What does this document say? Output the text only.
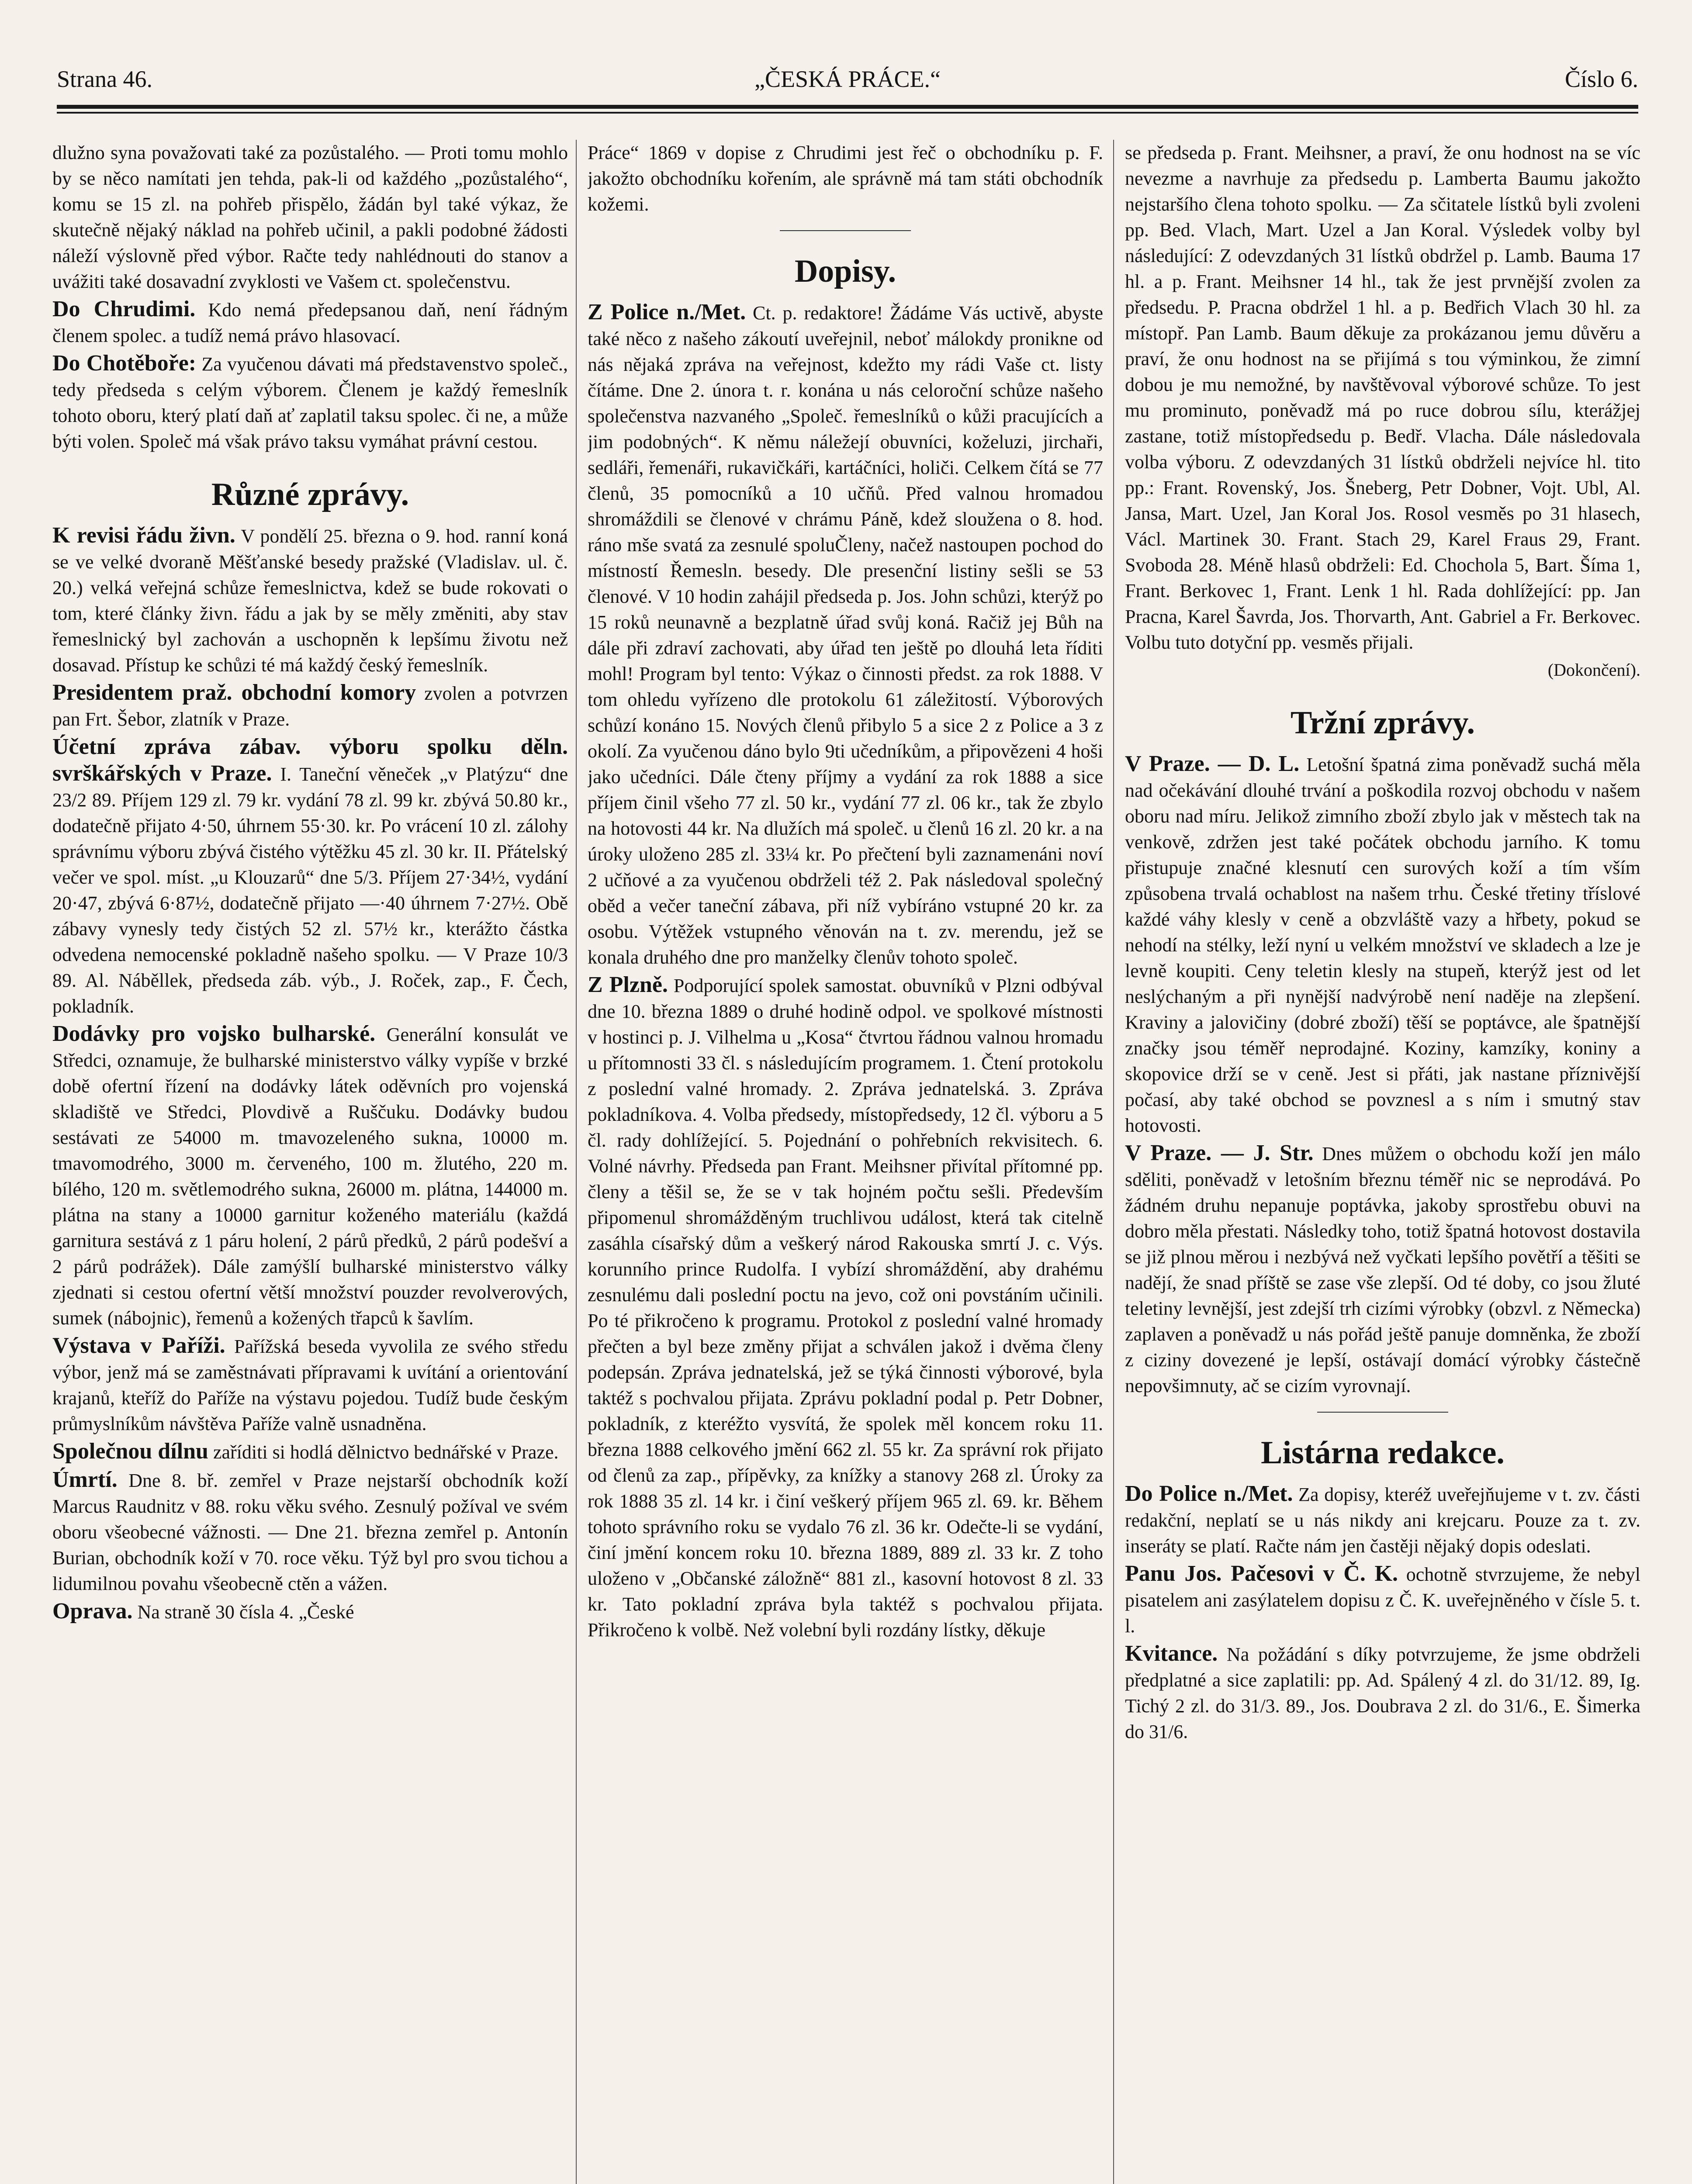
Strana 46.	„ČESKÁ PRÁCE.“	Číslo 6.

dlužno syna považovati také za pozůstalého. — Proti tomu mohlo by se něco namítati jen tehda, pak-li od každého „pozůstalého“, komu se 15 zl. na pohřeb přispělo, žádán byl také výkaz, že skutečně nějaký náklad na pohřeb učinil, a pakli podobné žádosti náleží výslovně před výbor. Račte tedy nahlédnouti do stanov a uvážiti také dosavadní zvyklosti ve Vašem ct. společenstvu.

Do Chrudimi. Kdo nemá předepsanou daň, není řádným členem spolec. a tudíž nemá právo hlasovací.

Do Chotěboře: Za vyučenou dávati má představenstvo společ., tedy předseda s celým výborem. Členem je každý řemeslník tohoto oboru, který platí daň ať zaplatil taksu spolec. či ne, a může býti volen. Společ má však právo taksu vymáhat právní cestou.

Různé zprávy.

K revisi řádu živn. V pondělí 25. března o 9. hod. ranní koná se ve velké dvoraně Měšťanské besedy pražské (Vladislav. ul. č. 20.) velká veřejná schůze řemeslnictva, kdež se bude rokovati o tom, které články živn. řádu a jak by se měly změniti, aby stav řemeslnický byl zachován a uschopněn k lepšímu životu než dosavad. Přístup ke schůzi té má každý český řemeslník.

Presidentem praž. obchodní komory zvolen a potvrzen pan Frt. Šebor, zlatník v Praze.

Účetní zpráva zábav. výboru spolku děln. svrškářských v Praze. I. Taneční věneček „v Platýzu“ dne 23/2 89. Příjem 129 zl. 79 kr. vydání 78 zl. 99 kr. zbývá 50.80 kr., dodatečně přijato 4·50, úhrnem 55·30. kr. Po vrácení 10 zl. zálohy správnímu výboru zbývá čistého výtěžku 45 zl. 30 kr. II. Přátelský večer ve spol. míst. „u Klouzarů“ dne 5/3. Příjem 27·34½, vydání 20·47, zbývá 6·87½, dodatečně přijato —·40 úhrnem 7·27½. Obě zábavy vynesly tedy čistých 52 zl. 57½ kr., kterážto částka odvedena nemocenské pokladně našeho spolku. — V Praze 10/3 89. Al. Náběllek, předseda záb. výb., J. Roček, zap., F. Čech, pokladník.

Dodávky pro vojsko bulharské. Generální konsulát ve Středci, oznamuje, že bulharské ministerstvo války vypíše v brzké době ofertní řízení na dodávky látek oděvních pro vojenská skladiště ve Středci, Plovdivě a Ruščuku. Dodávky budou sestávati ze 54000 m. tmavozeleného sukna, 10000 m. tmavomodrého, 3000 m. červeného, 100 m. žlutého, 220 m. bílého, 120 m. světlemodrého sukna, 26000 m. plátna, 144000 m. plátna na stany a 10000 garnitur koženého materiálu (každá garnitura sestává z 1 páru holení, 2 párů předků, 2 párů podešví a 2 párů podrážek). Dále zamýšlí bulharské ministerstvo války zjednati si cestou ofertní větší množství pouzder revolverových, sumek (nábojnic), řemenů a kožených třapců k šavlím.

Výstava v Paříži. Pařížská beseda vyvolila ze svého středu výbor, jenž má se zaměstnávati přípravami k uvítání a orientování krajanů, kteříž do Paříže na výstavu pojedou. Tudíž bude českým průmyslníkům návštěva Paříže valně usnadněna.

Společnou dílnu zaříditi si hodlá dělnictvo bednářské v Praze.

Úmrtí. Dne 8. bř. zemřel v Praze nejstarší obchodník koží Marcus Raudnitz v 88. roku věku svého. Zesnulý požíval ve svém oboru všeobecné vážnosti. — Dne 21. března zemřel p. Antonín Burian, obchodník koží v 70. roce věku. Týž byl pro svou tichou a lidumilnou povahu všeobecně ctěn a vážen.

Oprava. Na straně 30 čísla 4. „České

Práce“ 1869 v dopise z Chrudimi jest řeč o obchodníku p. F. jakožto obchodníku kořením, ale správně má tam státi obchodník kožemi.

Dopisy.

Z Police n./Met. Ct. p. redaktore! Žádáme Vás uctivě, abyste také něco z našeho zákoutí uveřejnil, neboť málokdy pronikne od nás nějaká zpráva na veřejnost, kdežto my rádi Vaše ct. listy čítáme. Dne 2. února t. r. konána u nás celoroční schůze našeho společenstva nazvaného „Společ. řemeslníků o kůži pracujících a jim podobných“. K němu náležejí obuvníci, koželuzi, jirchaři, sedláři, řemenáři, rukavičkáři, kartáčníci, holiči. Celkem čítá se 77 členů, 35 pomocníků a 10 učňů. Před valnou hromadou shromáždili se členové v chrámu Páně, kdež sloužena o 8. hod. ráno mše svatá za zesnulé spoluČleny, načež nastoupen pochod do místností Řemesln. besedy. Dle presenční listiny sešli se 53 členové. V 10 hodin zahájil předseda p. Jos. John schůzi, kterýž po 15 roků neunavně a bezplatně úřad svůj koná. Račiž jej Bůh na dále při zdraví zachovati, aby úřad ten ještě po dlouhá leta říditi mohl! Program byl tento: Výkaz o činnosti předst. za rok 1888. V tom ohledu vyřízeno dle protokolu 61 záležitostí. Výborových schůzí konáno 15. Nových členů přibylo 5 a sice 2 z Police a 3 z okolí. Za vyučenou dáno bylo 9ti učedníkům, a připovězeni 4 hoši jako učedníci. Dále čteny příjmy a vydání za rok 1888 a sice příjem činil všeho 77 zl. 50 kr., vydání 77 zl. 06 kr., tak že zbylo na hotovosti 44 kr. Na dlužích má společ. u členů 16 zl. 20 kr. a na úroky uloženo 285 zl. 33¼ kr. Po přečtení byli zaznamenáni noví 2 učňové a za vyučenou obdrželi též 2. Pak následoval společný oběd a večer taneční zábava, při níž vybíráno vstupné 20 kr. za osobu. Výtěžek vstupného věnován na t. zv. merendu, jež se konala druhého dne pro manželky členův tohoto společ.

Z Plzně. Podporující spolek samostat. obuvníků v Plzni odbýval dne 10. března 1889 o druhé hodině odpol. ve spolkové místnosti v hostinci p. J. Vilhelma u „Kosa“ čtvrtou řádnou valnou hromadu u přítomnosti 33 čl. s následujícím programem. 1. Čtení protokolu z poslední valné hromady. 2. Zpráva jednatelská. 3. Zpráva pokladníkova. 4. Volba předsedy, místopředsedy, 12 čl. výboru a 5 čl. rady dohlížející. 5. Pojednání o pohřebních rekvisitech. 6. Volné návrhy. Předseda pan Frant. Meihsner přivítal přítomné pp. členy a těšil se, že se v tak hojném počtu sešli. Především připomenul shromážděným truchlivou událost, která tak citelně zasáhla císařský dům a veškerý národ Rakouska smrtí J. c. Výs. korunního prince Rudolfa. I vybízí shromáždění, aby drahému zesnulému dali poslední poctu na jevo, což oni povstáním učinili. Po té přikročeno k programu. Protokol z poslední valné hromady přečten a byl beze změny přijat a schválen jakož i dvěma členy podepsán. Zpráva jednatelská, jež se týká činnosti výborové, byla taktéž s pochvalou přijata. Zprávu pokladní podal p. Petr Dobner, pokladník, z kteréžto vysvítá, že spolek měl koncem roku 11. března 1888 celkového jmění 662 zl. 55 kr. Za správní rok přijato od členů za zap., přípěvky, za knížky a stanovy 268 zl. Úroky za rok 1888 35 zl. 14 kr. i činí veškerý příjem 965 zl. 69. kr. Během tohoto správního roku se vydalo 76 zl. 36 kr. Odečte-li se vydání, činí jmění koncem roku 10. března 1889, 889 zl. 33 kr. Z toho uloženo v „Občanské záložně“ 881 zl., kasovní hotovost 8 zl. 33 kr. Tato pokladní zpráva byla taktéž s pochvalou přijata. Přikročeno k volbě. Než volební byli rozdány lístky, děkuje

se předseda p. Frant. Meihsner, a praví, že onu hodnost na se víc nevezme a navrhuje za předsedu p. Lamberta Baumu jakožto nejstaršího člena tohoto spolku. — Za sčitatele lístků byli zvoleni pp. Bed. Vlach, Mart. Uzel a Jan Koral. Výsledek volby byl následující: Z odevzdaných 31 lístků obdržel p. Lamb. Bauma 17 hl. a p. Frant. Meihsner 14 hl., tak že jest prvnější zvolen za předsedu. P. Pracna obdržel 1 hl. a p. Bedřich Vlach 30 hl. za místopř. Pan Lamb. Baum děkuje za prokázanou jemu důvěru a praví, že onu hodnost na se přijímá s tou výminkou, že zimní dobou je mu nemožné, by navštěvoval výborové schůze. To jest mu prominuto, poněvadž má po ruce dobrou sílu, kterážjej zastane, totiž místopředsedu p. Bedř. Vlacha. Dále následovala volba výboru. Z odevzdaných 31 lístků obdrželi nejvíce hl. tito pp.: Frant. Rovenský, Jos. Šneberg, Petr Dobner, Vojt. Ubl, Al. Jansa, Mart. Uzel, Jan Koral Jos. Rosol vesměs po 31 hlasech, Václ. Martinek 30. Frant. Stach 29, Karel Fraus 29, Frant. Svoboda 28. Méně hlasů obdrželi: Ed. Chochola 5, Bart. Šíma 1, Frant. Berkovec 1, Frant. Lenk 1 hl. Rada dohlížející: pp. Jan Pracna, Karel Šavrda, Jos. Thorvarth, Ant. Gabriel a Fr. Berkovec. Volbu tuto dotyční pp. vesměs přijali.

(Dokončení).

Tržní zprávy.

V Praze. — D. L. Letošní špatná zima poněvadž suchá měla nad očekávání dlouhé trvání a poškodila rozvoj obchodu v našem oboru nad míru. Jelikož zimního zboží zbylo jak v městech tak na venkově, zdržen jest také počátek obchodu jarního. K tomu přistupuje značné klesnutí cen surových koží a tím vším způsobena trvalá ochablost na našem trhu. České třetiny tříslové každé váhy klesly v ceně a obzvláště vazy a hřbety, pokud se nehodí na stélky, leží nyní u velkém množství ve skladech a lze je levně koupiti. Ceny teletin klesly na stupeň, kterýž jest od let neslýchaným a při nynější nadvýrobě není naděje na zlepšení. Kraviny a jalovičiny (dobré zboží) těší se poptávce, ale špatnější značky jsou téměř neprodajné. Koziny, kamzíky, koniny a skopovice drží se v ceně. Jest si přáti, jak nastane příznivější počasí, aby také obchod se povznesl a s ním i smutný stav hotovosti.

V Praze. — J. Str. Dnes můžem o obchodu koží jen málo sděliti, poněvadž v letošním březnu téměř nic se neprodává. Po žádném druhu nepanuje poptávka, jakoby sprostřebu obuvi na dobro měla přestati. Následky toho, totiž špatná hotovost dostavila se již plnou měrou i nezbývá než vyčkati lepšího povětří a těšiti se nadějí, že snad příště se zase vše zlepší. Od té doby, co jsou žluté teletiny levnější, jest zdejší trh cizími výrobky (obzvl. z Německa) zaplaven a poněvadž u nás pořád ještě panuje domněnka, že zboží z ciziny dovezené je lepší, ostávají domácí výrobky částečně nepovšimnuty, ač se cizím vyrovnají.

Listárna redakce.

Do Police n./Met. Za dopisy, kteréž uveřejňujeme v t. zv. části redakční, neplatí se u nás nikdy ani krejcaru. Pouze za t. zv. inseráty se platí. Račte nám jen častěji nějaký dopis odeslati.

Panu Jos. Pačesovi v Č. K. ochotně stvrzujeme, že nebyl pisatelem ani zasýlatelem dopisu z Č. K. uveřejněného v čísle 5. t. l.

Kvitance. Na požádání s díky potvrzujeme, že jsme obdrželi předplatné a sice zaplatili: pp. Ad. Spálený 4 zl. do 31/12. 89, Ig. Tichý 2 zl. do 31/3. 89., Jos. Doubrava 2 zl. do 31/6., E. Šimerka do 31/6.
